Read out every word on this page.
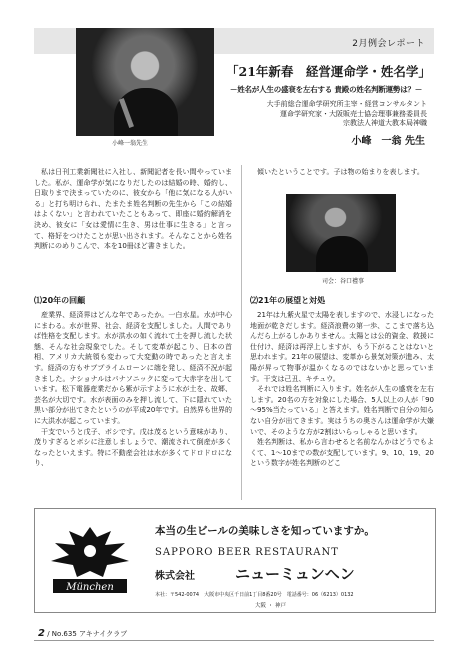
2月例会レポート
小峰一翁先生
「21年新春　経営運命学・姓名学」
－姓名が人生の盛衰を左右する 貴殿の姓名判断運勢は？－
大手前総合運命学研究所主宰・経営コンサルタント
運命学研究家・大阪販売士協会理事兼務委員長
宗教法人神道大教本局神職
小峰　一翁 先生

私は日刊工業新聞社に入社し、新聞記者を長い間やっていました。私が、運命学が気になりだしたのは結婚の時、婚約し、日取りまで決まっていたのに、彼女から「他に気になる人がいる」と打ち明けられ、たまたま姓名判断の先生から「この結婚はよくない」と言われていたこともあって、即座に婚約解消を決め、彼女に「女は愛情に生き、男は仕事に生きる」と言って、格好をつけたことが思い出されます。そんなことから姓名判断にのめりこんで、本を10冊ほど書きました。

傾いたということです。子は物の始まりを表します。

司会：谷口禮事
⑴20年の回顧

産業界、経済界はどんな年であったか。一白水星。水が中心にまわる。水が世界、社会、経済を支配しました。人間でありば性格を支配します。水が洪水の如く流れて土を押し流した状態、そんな社会現象でした。そして変革が起こり、日本の首相、アメリカ大統領も変わって大変動の時であったと言えます。経済の方もサブプライムローンに端を発し、経済不況が起きました。ナショナルはパナソニックに変って大赤字を出しています。松下電器産業だから紫が示すように水が土を、故郷、芸名が大切です。水が表面のみを押し流して、下に隠れていた黒い部分が出てきたというのが平成20年です。自然界も世界的に大洪水が起こっています。

干支でいうと戊子、ボシです。戊は茂るという意味があり、茂りすぎるとボシに注意しましょうで、潮流されて倒産が多くなったといえます。特に不動産会社は水が多くてドロドロになり、

⑵21年の展望と対処

21年は九紫火星で太陽を表しますので、水浸しになった地面が乾きだします。経済浪費の第一歩、ここまで落ち込んだら上がるしかありません。太陽とは公的資金、救援に仕付け、経済は再浮上しますが、もう下がることはないと思われます。21年の展望は、変革から景気対策が進み、太陽が昇って物事が温かくなるのではないかと思っています。干支は己丑、キチュウ。

それでは姓名判断に入ります。姓名が人生の盛衰を左右します。20名の方を対象にした場合、5人以上の人が「90～95%当たっている」と答えます。姓名判断で自分の知らない自分が出てきます。実はうちの奥さんは運命学が大嫌いで、そのような方が2割はいらっしゃると思います。

姓名判断は、私から言わせると名前なんかはどうでもよくて、1～10までの数が支配しています。9、10、19、20という数字が姓名判断のどこ

München
本当の生ビールの美味しさを知っていますか。
SAPPORO BEER RESTAURANT
株式会社	ニューミュンヘン
本社：〒542-0074　大阪市中央区千日前1丁目8番20号　電話番号：06（6213）0132
大阪 ・ 神戸
2 / No.635 アキナイクラブ
